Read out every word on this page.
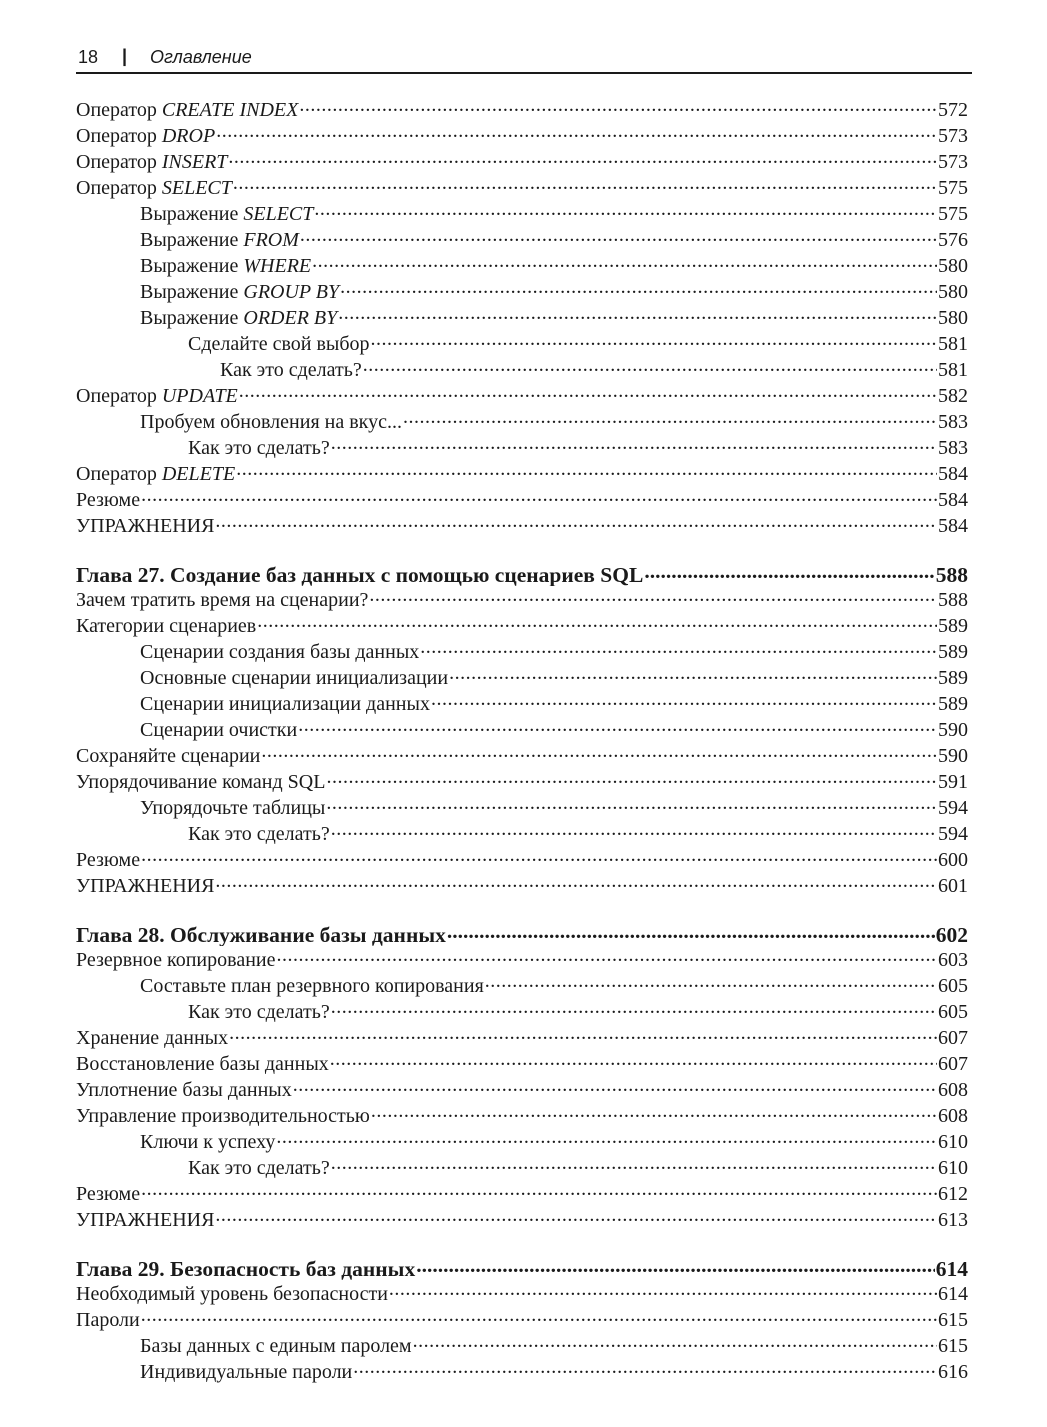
18 | Оглавление
Оператор CREATE INDEX .....	572
Оператор DROP .....	573
Оператор INSERT .....	573
Оператор SELECT .....	575
Выражение SELECT .....	575
Выражение FROM .....	576
Выражение WHERE .....	580
Выражение GROUP BY .....	580
Выражение ORDER BY .....	580
Сделайте свой выбор .....	581
Как это сделать? .....	581
Оператор UPDATE .....	582
Пробуем обновления на вкус... .....	583
Как это сделать? .....	583
Оператор DELETE .....	584
Резюме .....	584
УПРАЖНЕНИЯ .....	584
Глава 27. Создание баз данных с помощью сценариев SQL .....	588
Зачем тратить время на сценарии? .....	588
Категории сценариев .....	589
Сценарии создания базы данных .....	589
Основные сценарии инициализации .....	589
Сценарии инициализации данных .....	589
Сценарии очистки .....	590
Сохраняйте сценарии .....	590
Упорядочивание команд SQL .....	591
Упорядочьте таблицы .....	594
Как это сделать? .....	594
Резюме .....	600
УПРАЖНЕНИЯ .....	601
Глава 28. Обслуживание базы данных .....	602
Резервное копирование .....	603
Составьте план резервного копирования .....	605
Как это сделать? .....	605
Хранение данных .....	607
Восстановление базы данных .....	607
Уплотнение базы данных .....	608
Управление производительностью .....	608
Ключи к успеху .....	610
Как это сделать? .....	610
Резюме .....	612
УПРАЖНЕНИЯ .....	613
Глава 29. Безопасность баз данных .....	614
Необходимый уровень безопасности .....	614
Пароли .....	615
Базы данных с единым паролем .....	615
Индивидуальные пароли .....	616
